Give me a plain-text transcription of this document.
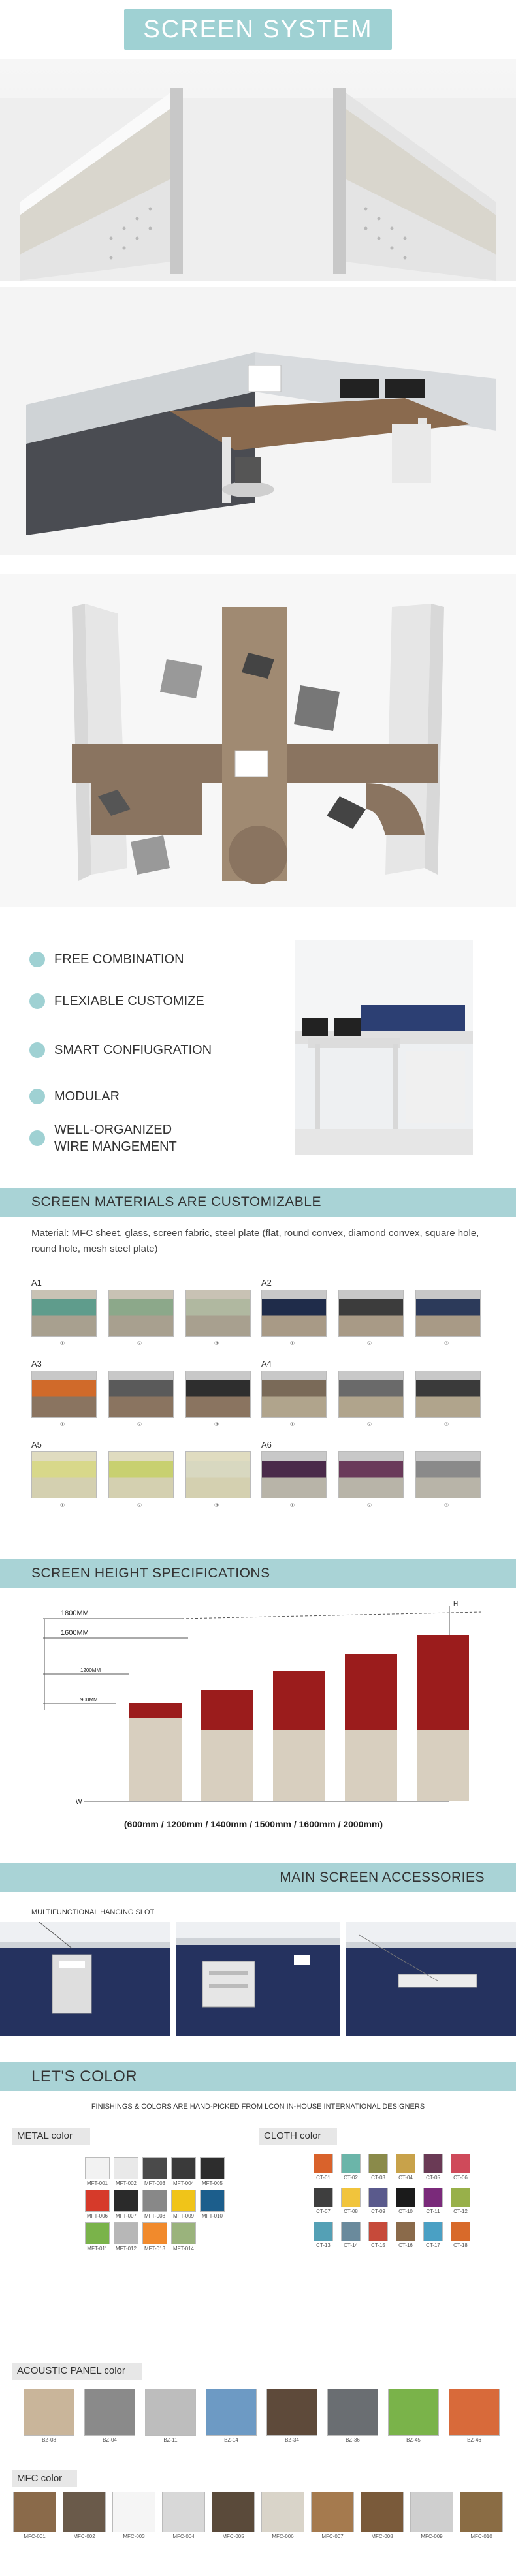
SCREEN SYSTEM
FREE COMBINATION
FLEXIABLE CUSTOMIZE
SMART CONFIUGRATION
MODULAR
WELL-ORGANIZED
WIRE MANGEMENT
SCREEN MATERIALS ARE CUSTOMIZABLE
Material: MFC sheet, glass, screen fabric, steel plate (flat, round convex, diamond convex, square hole, round hole, mesh steel plate)
A1
①	②	③
A2
①	②	③
A3
①	②	③
A4
①	②	③
A5
①	②	③
A6
①	②	③
SCREEN HEIGHT SPECIFICATIONS
1800MM
1600MM
1200MM
900MM
H
W
(600mm / 1200mm / 1400mm / 1500mm / 1600mm / 2000mm)
MAIN SCREEN ACCESSORIES
MULTIFUNCTIONAL HANGING SLOT
LET'S COLOR
FINISHINGS & COLORS ARE HAND-PICKED FROM LCON IN-HOUSE INTERNATIONAL DESIGNERS
METAL color	CLOTH color
MFT-001	MFT-002	MFT-003	MFT-004	MFT-005
MFT-006	MFT-007	MFT-008	MFT-009	MFT-010
MFT-011	MFT-012	MFT-013	MFT-014
CT-01	CT-02	CT-03	CT-04	CT-05	CT-06
CT-07	CT-08	CT-09	CT-10	CT-11	CT-12
CT-13	CT-14	CT-15	CT-16	CT-17	CT-18
ACOUSTIC PANEL color
BZ-08	BZ-04	BZ-11	BZ-14	BZ-34	BZ-36	BZ-45	BZ-46
MFC color
MFC-001	MFC-002	MFC-003	MFC-004	MFC-005	MFC-006	MFC-007	MFC-008	MFC-009	MFC-010
